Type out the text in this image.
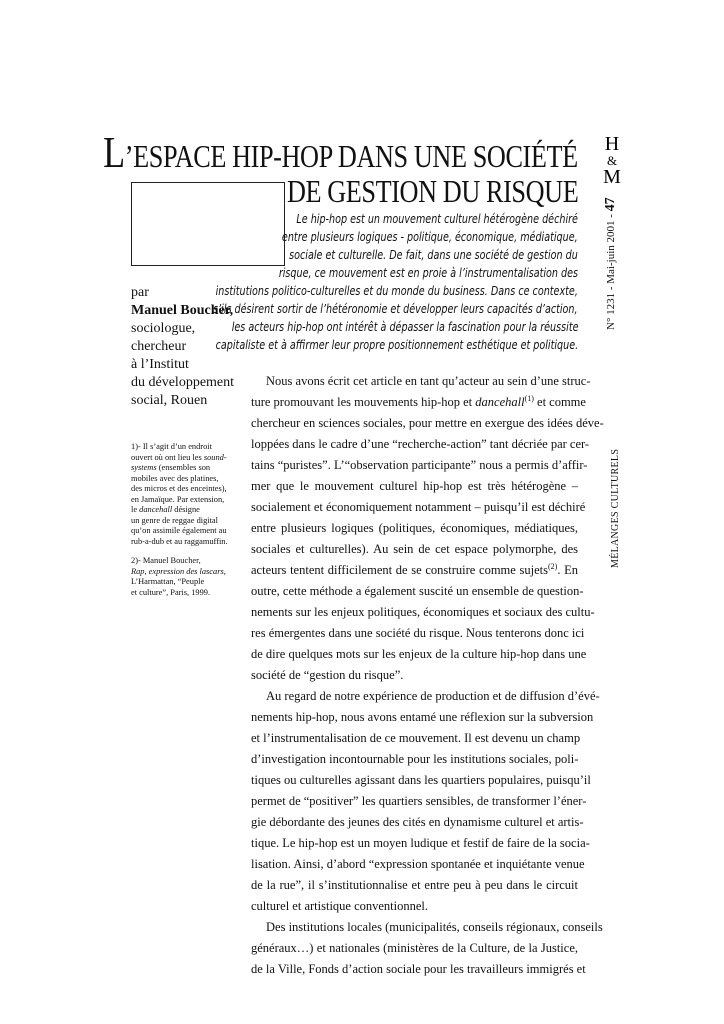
H
&
M
L’ESPACE HIP-HOP DANS UNE SOCIÉTÉ
DE GESTION DU RISQUE

Le hip-hop est un mouvement culturel hétérogène déchiré

entre plusieurs logiques - politique, économique, médiatique,

sociale et culturelle. De fait, dans une société de gestion du

risque, ce mouvement est en proie à l’instrumentalisation des

institutions politico-culturelles et du monde du business. Dans ce contexte,

s’ils désirent sortir de l’hétéronomie et développer leurs capacités d’action,

les acteurs hip-hop ont intérêt à dépasser la fascination pour la réussite

capitaliste et à affirmer leur propre positionnement esthétique et politique.

par
Manuel Boucher,
sociologue,
chercheur
à l’Institut
du développement
social, Rouen
1)- Il s’agit d’un endroit
ouvert où ont lieu les sound-
systems (ensembles son
mobiles avec des platines,
des micros et des enceintes),
en Jamaïque. Par extension,
le dancehall désigne
un genre de reggae digital
qu’on assimile également au
rub-a-dub et au raggamuffin.
2)- Manuel Boucher,
Rap, expression des lascars,
L’Harmattan, “Peuple
et culture”, Paris, 1999.

Nous avons écrit cet article en tant qu’acteur au sein d’une struc-

ture promouvant les mouvements hip-hop et dancehall$^{(1)}$ et comme

chercheur en sciences sociales, pour mettre en exergue des idées déve-

loppées dans le cadre d’une “recherche-action” tant décriée par cer-

tains “puristes”. L’“observation participante” nous a permis d’affir-

mer que le mouvement culturel hip-hop est très hétérogène –

socialement et économiquement notamment – puisqu’il est déchiré

entre plusieurs logiques (politiques, économiques, médiatiques,

sociales et culturelles). Au sein de cet espace polymorphe, des

acteurs tentent difficilement de se construire comme sujets$^{(2)}$. En

outre, cette méthode a également suscité un ensemble de question-

nements sur les enjeux politiques, économiques et sociaux des cultu-

res émergentes dans une société du risque. Nous tenterons donc ici

de dire quelques mots sur les enjeux de la culture hip-hop dans une

société de “gestion du risque”.

Au regard de notre expérience de production et de diffusion d’évé-

nements hip-hop, nous avons entamé une réflexion sur la subversion

et l’instrumentalisation de ce mouvement. Il est devenu un champ

d’investigation incontournable pour les institutions sociales, poli-

tiques ou culturelles agissant dans les quartiers populaires, puisqu’il

permet de “positiver” les quartiers sensibles, de transformer l’éner-

gie débordante des jeunes des cités en dynamisme culturel et artis-

tique. Le hip-hop est un moyen ludique et festif de faire de la socia-

lisation. Ainsi, d’abord “expression spontanée et inquiétante venue

de la rue”, il s’institutionnalise et entre peu à peu dans le circuit

culturel et artistique conventionnel.

Des institutions locales (municipalités, conseils régionaux, conseils

généraux…) et nationales (ministères de la Culture, de la Justice,

de la Ville, Fonds d’action sociale pour les travailleurs immigrés et

N° 1231 - Mai-juin 2001 - 47
MÉLANGES CULTURELS
